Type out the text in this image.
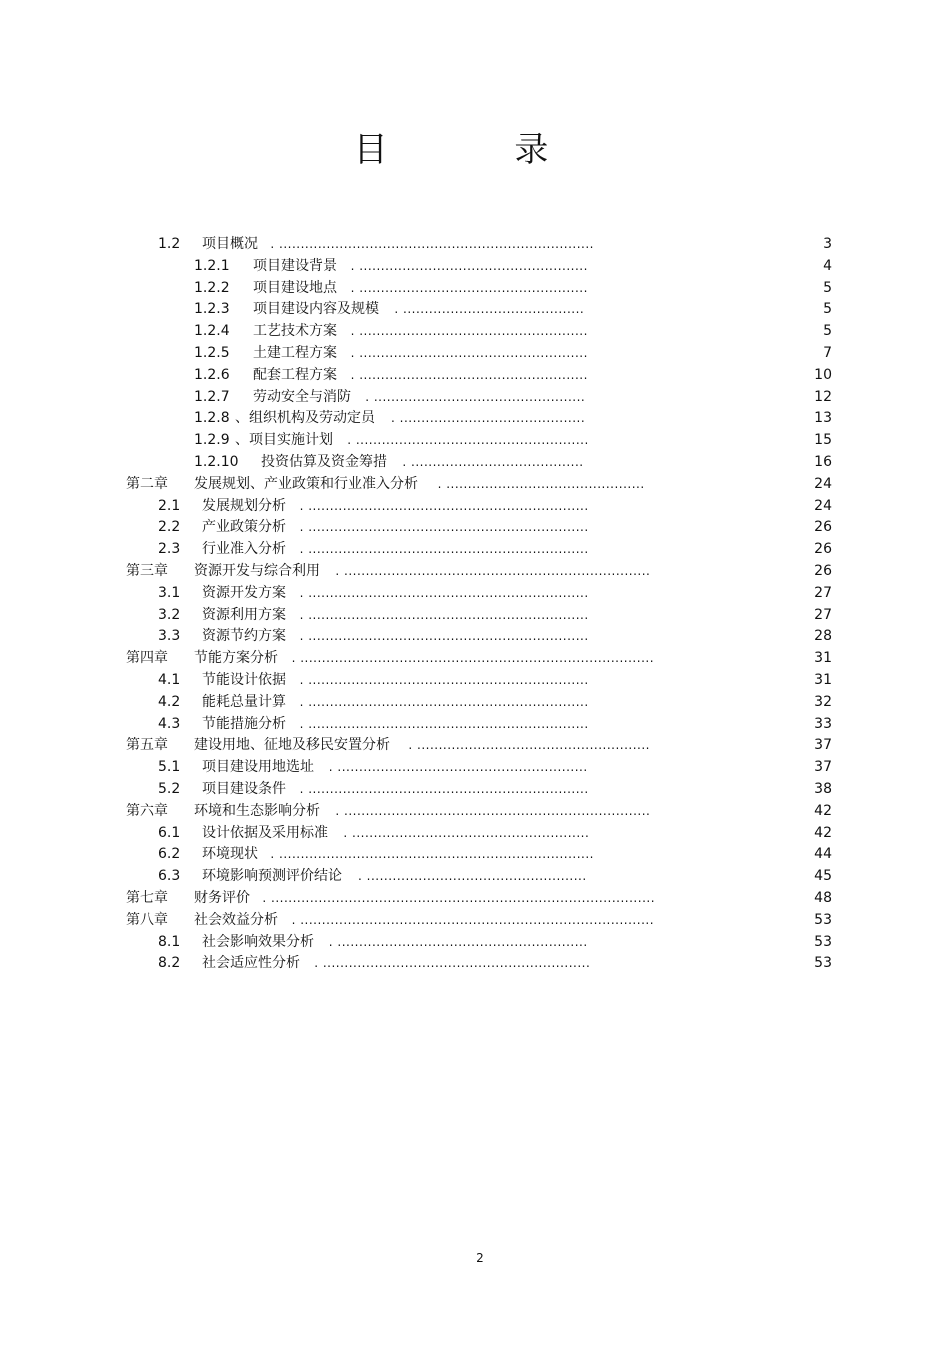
目 录
1.2 项目概况 . .........................................................................	3
1.2.1 项目建设背景 . .....................................................	4
1.2.2 项目建设地点 . .....................................................	5
1.2.3 项目建设内容及规模 . ..........................................	5
1.2.4 工艺技术方案 . .....................................................	5
1.2.5 土建工程方案 . .....................................................	7
1.2.6 配套工程方案 . .....................................................	10
1.2.7 劳动安全与消防 . .................................................	12
1.2.8 、组织机构及劳动定员 . ...........................................	13
1.2.9 、项目实施计划 . ......................................................	15
1.2.10 投资估算及资金筹措 . ........................................	16
第二章 发展规划、产业政策和行业准入分析 . ..............................................	24
2.1 发展规划分析 . .................................................................	24
2.2 产业政策分析 . .................................................................	26
2.3 行业准入分析 . .................................................................	26
第三章 资源开发与综合利用 . .......................................................................	26
3.1 资源开发方案 . .................................................................	27
3.2 资源利用方案 . .................................................................	27
3.3 资源节约方案 . .................................................................	28
第四章 节能方案分析 . ..................................................................................	31
4.1 节能设计依据 . .................................................................	31
4.2 能耗总量计算 . .................................................................	32
4.3 节能措施分析 . .................................................................	33
第五章 建设用地、征地及移民安置分析 . ......................................................	37
5.1 项目建设用地选址 . ..........................................................	37
5.2 项目建设条件 . .................................................................	38
第六章 环境和生态影响分析 . .......................................................................	42
6.1 设计依据及采用标准 . .......................................................	42
6.2 环境现状 . .........................................................................	44
6.3 环境影响预测评价结论 . ...................................................	45
第七章 财务评价 . .........................................................................................	48
第八章 社会效益分析 . ..................................................................................	53
8.1 社会影响效果分析 . ..........................................................	53
8.2 社会适应性分析 . ..............................................................	53
2
